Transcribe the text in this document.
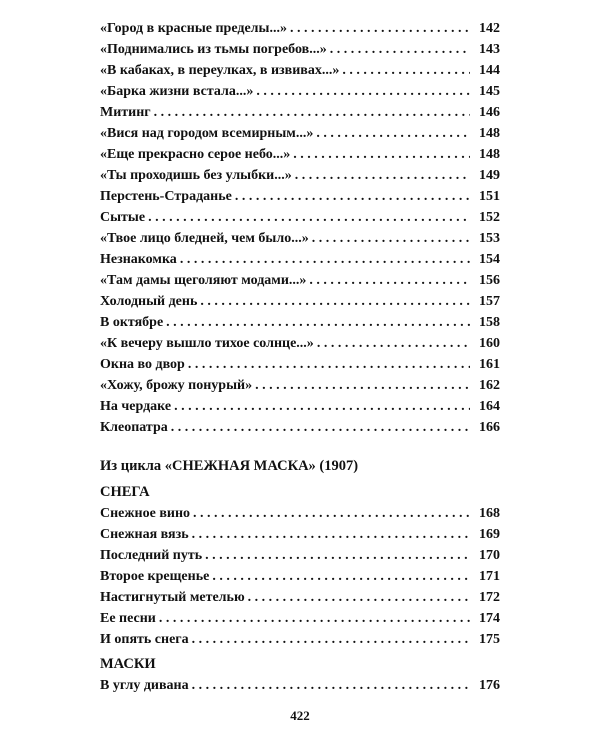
«Город в красные пределы...» . . .	142
«Поднимались из тьмы погребов...» . . .	143
«В кабаках, в переулках, в извивах...» . . .	144
«Барка жизни встала...» . . .	145
Митинг . . .	146
«Вися над городом всемирным...» . . .	148
«Еще прекрасно серое небо...» . . .	148
«Ты проходишь без улыбки...» . . .	149
Перстень-Страданье . . .	151
Сытые . . .	152
«Твое лицо бледней, чем было...» . . .	153
Незнакомка . . .	154
«Там дамы щеголяют модами...» . . .	156
Холодный день . . .	157
В октябре . . .	158
«К вечеру вышло тихое солнце...» . . .	160
Окна во двор . . .	161
«Хожу, брожу понурый» . . .	162
На чердаке . . .	164
Клеопатра . . .	166
Из цикла «СНЕЖНАЯ МАСКА» (1907)
СНЕГА
Снежное вино . . .	168
Снежная вязь . . .	169
Последний путь . . .	170
Второе крещенье . . .	171
Настигнутый метелью . . .	172
Ее песни . . .	174
И опять снега . . .	175
МАСКИ
В углу дивана . . .	176
422
